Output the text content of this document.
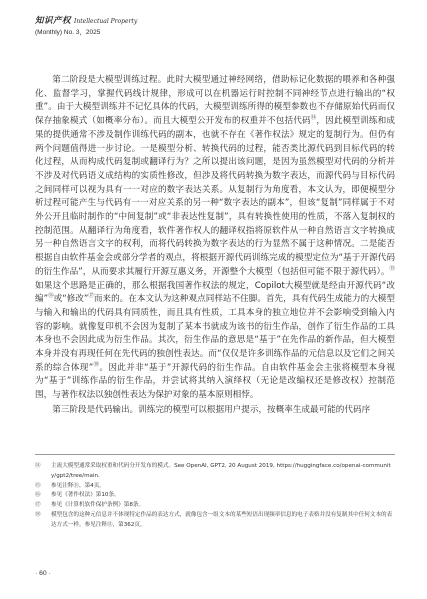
知识产权 Intellectual Property
(Monthly) No. 3，2025

第二阶段是大模型训练过程。此时大模型通过神经网络，借助标记化数据的喂养和各种强化、监督学习，掌握代码线计规律，形成可以在机器运行时控制不同神经节点进行输出的“权重”。由于大模型训练并不记忆具体的代码，大模型训练所得的模型参数也不存储原始代码而仅保存抽象模式（如概率分布）。而且大模型公开发布的权重并不包括代码⑭，因此模型训练和成果的提供通常不涉及制作训练代码的副本，也就不存在《著作权法》规定的复制行为。但仍有两个问题值得进一步讨论。一是模型分析、转换代码的过程，能否类比源代码到目标代码的转化过程，从而构成代码复制或翻译行为？之所以提出该问题，是因为虽然模型对代码的分析并不涉及对代码语义成结构的实质性修改，但涉及将代码转换为数字表达，而源代码与目标代码之间同样可以视为具有一一对应的数字表达关系。从复制行为角度看，本文认为，即便模型分析过程可能产生与代码有一一对应关系的另一种“数字表达的副本”，但该“复制”同样属于不对外公开且临时制作的“中间复制”或“非表达性复制”，具有转换性使用的性质，不落入复制权的控制范围。从翻译行为角度看，软件著作权人的翻译权指将原软件从一种自然语言文字转换成另一种自然语言文字的权利，而将代码转换为数字表达的行为显然不属于这种情况。二是能否根据自由软件基金会或部分学者的观点，将根据开源代码训练完成的模型定位为“基于开源代码的衍生作品”，从而要求其履行开源互惠义务，开源整个大模型（包括但可能不限于源代码）。⑮如果这个思路是正确的，那么根据我国著作权法的规定，Copilot大模型就是经由开源代码“改编”⑯或“修改”⑰而来的。在本文认为这种观点同样站不住脚。首先，具有代码生成能力的大模型与输入和输出的代码具有同质性，而且具有性质，工具本身的独立地位并不会影响受到输入内容的影响。就像复印机不会因为复制了某本书就成为该书的衍生作品，创作了衍生作品的工具本身也不会因此成为衍生作品。其次，衍生作品的意思是“基于”在先作品的新作品，但大模型本身并没有再现任何在先代码的独创性表达。而“仅仅是许多训练作品的元信息以及它们之间关系的综合体现”⑱。因此并非“基于”开源代码的衍生作品。自由软件基金会主张将模型本身视为“基于”训练作品的衍生作品，并尝试将其纳入演绎权（无论是改编权还是修改权）控制范围，与著作权法以独创性表达为保护对象的基本原则相悖。

第三阶段是代码输出。训练完的模型可以根据用户提示，按概率生成最可能的代码序

⑭	主流大模型通常采取权重和代码分开发布的模式。See OpenAI, GPT2, 20 August 2019, https://huggingface.co/openai-community/gpt2/tree/main.
⑮	参见注释⑪，第4页。
⑯	参见《著作权法》第10条。
⑰	参见《计算机软件保护条例》第8条。
⑱	模型包含的这种元信息并不体现特定作品的表达方式，就像包含一组文本的某些短语出现频率信息的电子表格并没有复制其中任何文本的表达方式一样。参见注释⑪，第362页。
· 60 ·
